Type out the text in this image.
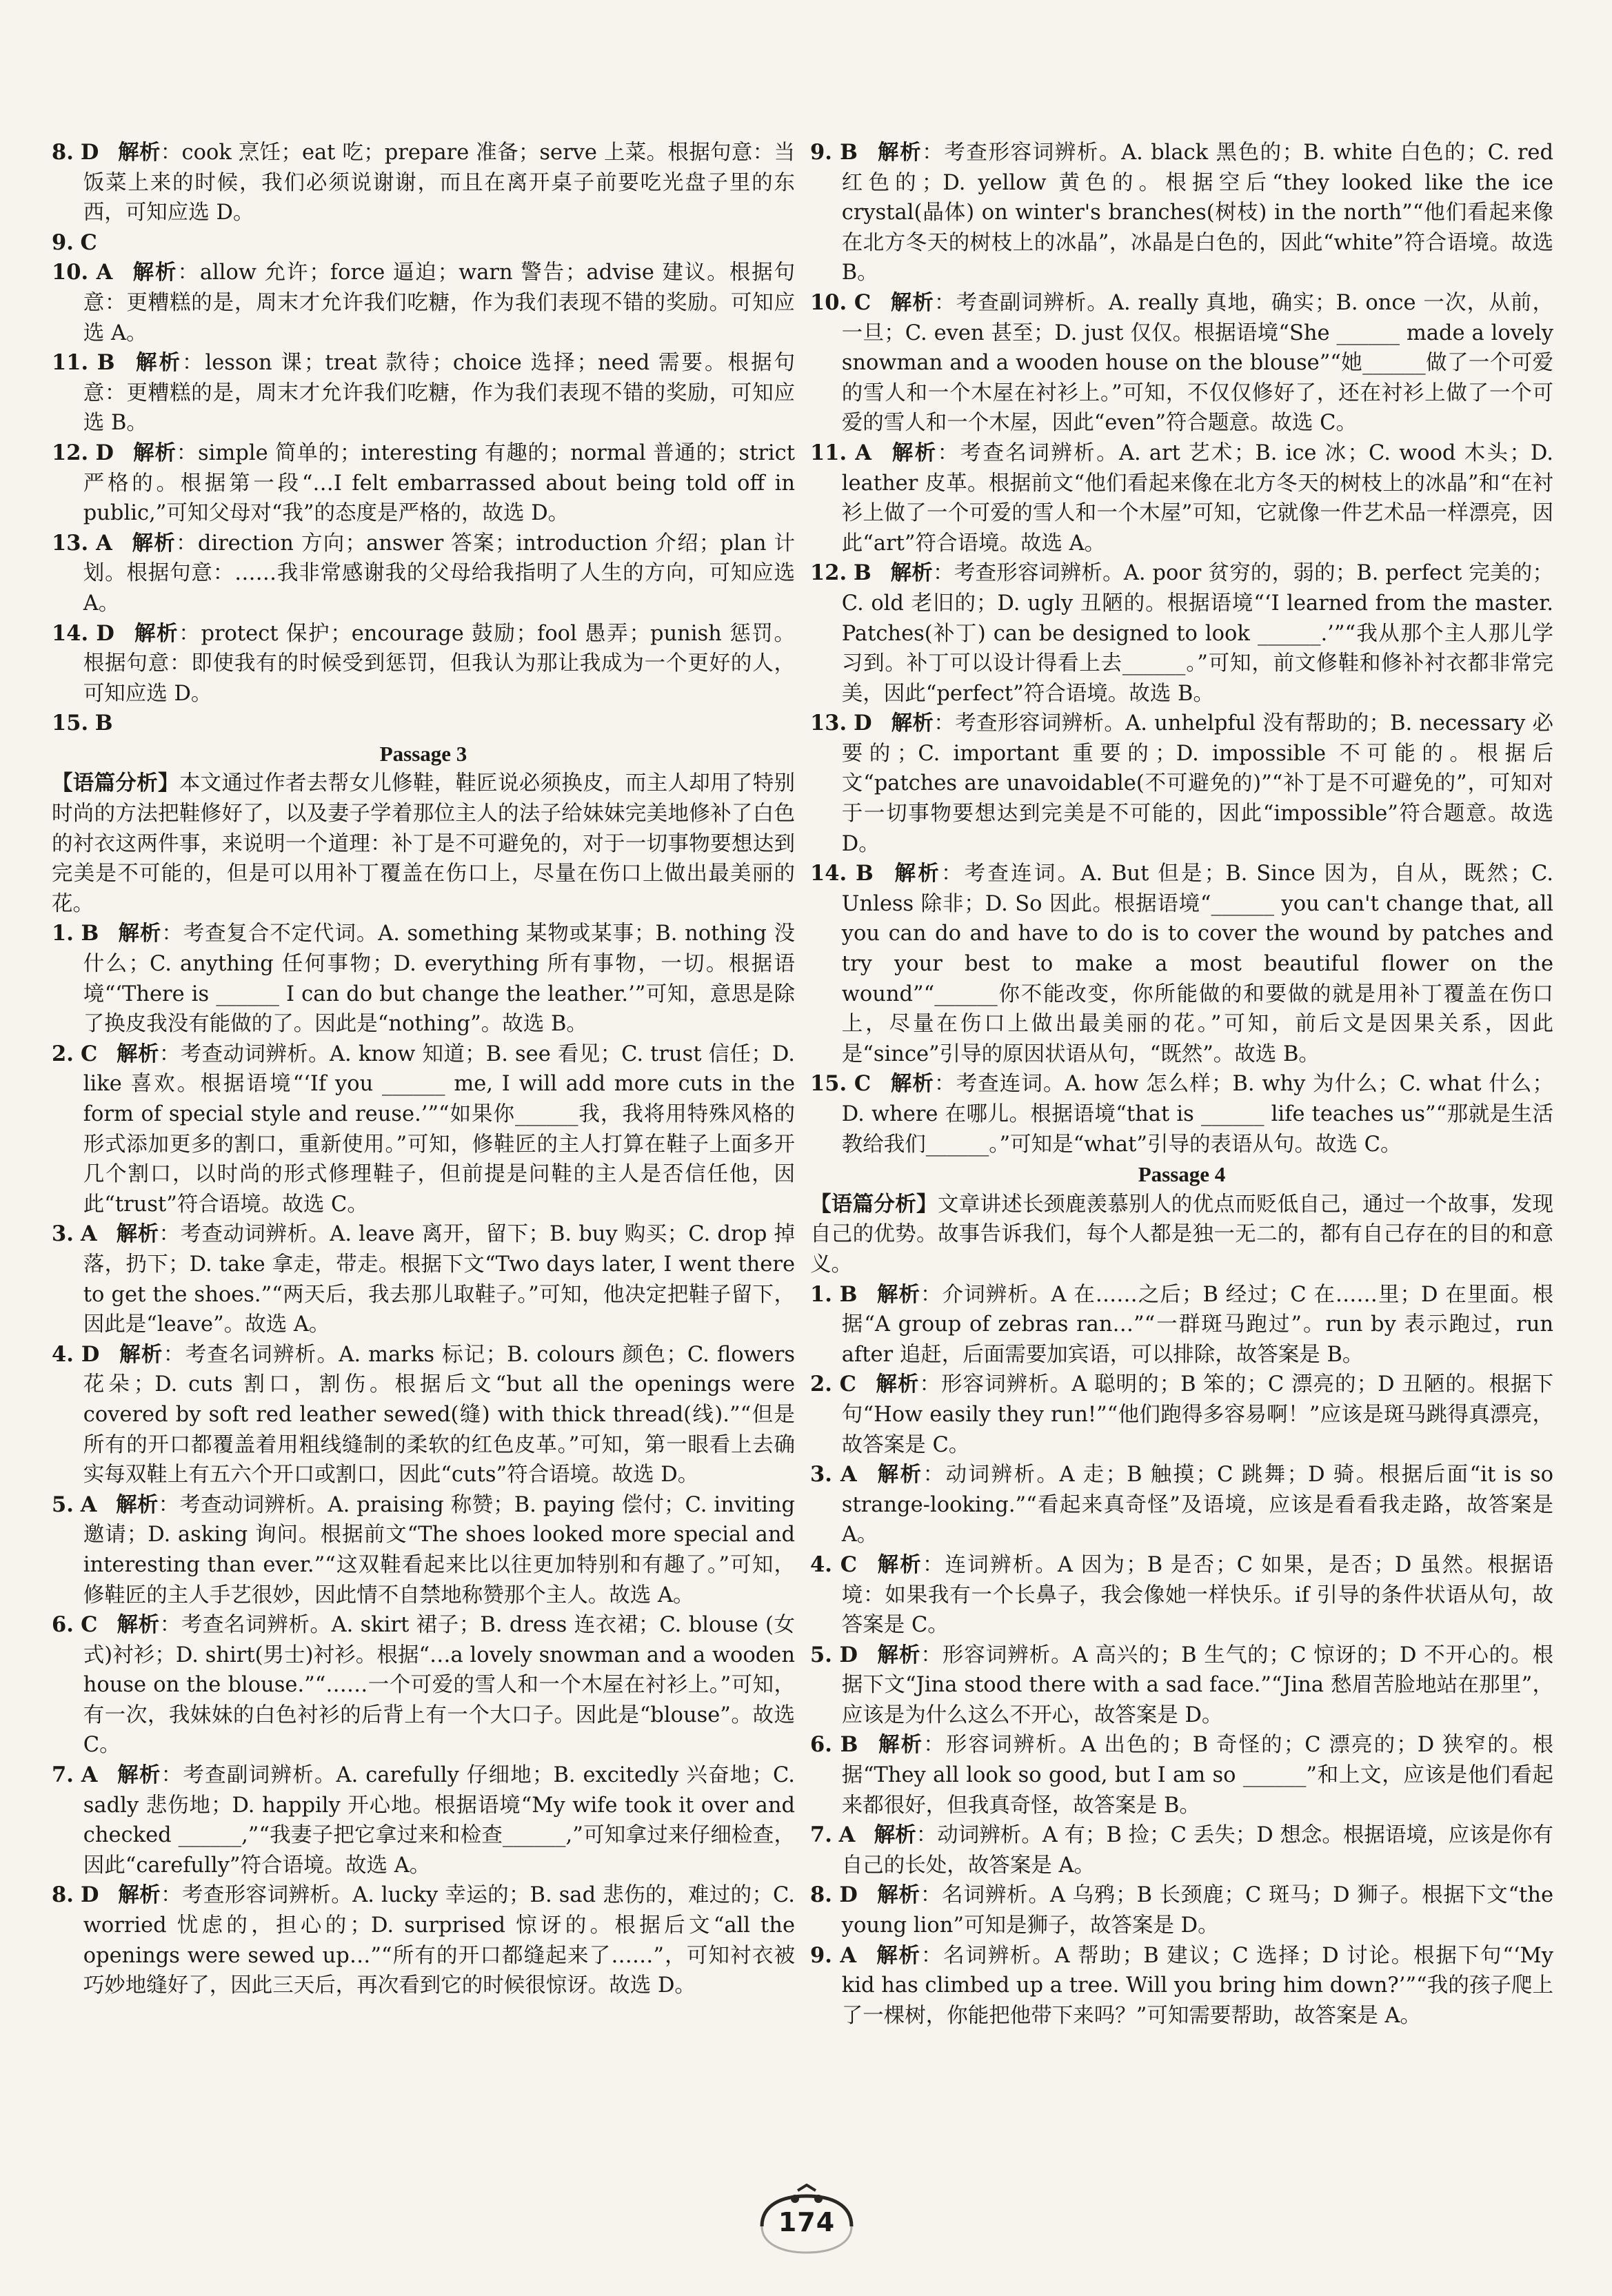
8. D 解析：cook 烹饪；eat 吃；prepare 准备；serve 上菜。根据句意：当饭菜上来的时候，我们必须说谢谢，而且在离开桌子前要吃光盘子里的东西，可知应选 D。

9. C

10. A 解析：allow 允许；force 逼迫；warn 警告；advise 建议。根据句意：更糟糕的是，周末才允许我们吃糖，作为我们表现不错的奖励。可知应选 A。

11. B 解析：lesson 课；treat 款待；choice 选择；need 需要。根据句意：更糟糕的是，周末才允许我们吃糖，作为我们表现不错的奖励，可知应选 B。

12. D 解析：simple 简单的；interesting 有趣的；normal 普通的；strict 严格的。根据第一段“…I felt embarrassed about being told off in public,”可知父母对“我”的态度是严格的，故选 D。

13. A 解析：direction 方向；answer 答案；introduction 介绍；plan 计划。根据句意：……我非常感谢我的父母给我指明了人生的方向，可知应选 A。

14. D 解析：protect 保护；encourage 鼓励；fool 愚弄；punish 惩罚。根据句意：即使我有的时候受到惩罚，但我认为那让我成为一个更好的人，可知应选 D。

15. B

Passage 3

【语篇分析】本文通过作者去帮女儿修鞋，鞋匠说必须换皮，而主人却用了特别时尚的方法把鞋修好了，以及妻子学着那位主人的法子给妹妹完美地修补了白色的衬衣这两件事，来说明一个道理：补丁是不可避免的，对于一切事物要想达到完美是不可能的，但是可以用补丁覆盖在伤口上，尽量在伤口上做出最美丽的花。

1. B 解析：考查复合不定代词。A. something 某物或某事；B. nothing 没什么；C. anything 任何事物；D. everything 所有事物，一切。根据语境“‘There is ______ I can do but change the leather.’”可知，意思是除了换皮我没有能做的了。因此是“nothing”。故选 B。

2. C 解析：考查动词辨析。A. know 知道；B. see 看见；C. trust 信任；D. like 喜欢。根据语境“‘If you ______ me, I will add more cuts in the form of special style and reuse.’”“如果你______我，我将用特殊风格的形式添加更多的割口，重新使用。”可知，修鞋匠的主人打算在鞋子上面多开几个割口，以时尚的形式修理鞋子，但前提是问鞋的主人是否信任他，因此“trust”符合语境。故选 C。

3. A 解析：考查动词辨析。A. leave 离开，留下；B. buy 购买；C. drop 掉落，扔下；D. take 拿走，带走。根据下文“Two days later, I went there to get the shoes.”“两天后，我去那儿取鞋子。”可知，他决定把鞋子留下，因此是“leave”。故选 A。

4. D 解析：考查名词辨析。A. marks 标记；B. colours 颜色；C. flowers 花朵；D. cuts 割口，割伤。根据后文“but all the openings were covered by soft red leather sewed(缝) with thick thread(线).”“但是所有的开口都覆盖着用粗线缝制的柔软的红色皮革。”可知，第一眼看上去确实每双鞋上有五六个开口或割口，因此“cuts”符合语境。故选 D。

5. A 解析：考查动词辨析。A. praising 称赞；B. paying 偿付；C. inviting 邀请；D. asking 询问。根据前文“The shoes looked more special and interesting than ever.”“这双鞋看起来比以往更加特别和有趣了。”可知，修鞋匠的主人手艺很妙，因此情不自禁地称赞那个主人。故选 A。

6. C 解析：考查名词辨析。A. skirt 裙子；B. dress 连衣裙；C. blouse (女式)衬衫；D. shirt(男士)衬衫。根据“…a lovely snowman and a wooden house on the blouse.”“……一个可爱的雪人和一个木屋在衬衫上。”可知，有一次，我妹妹的白色衬衫的后背上有一个大口子。因此是“blouse”。故选 C。

7. A 解析：考查副词辨析。A. carefully 仔细地；B. excitedly 兴奋地；C. sadly 悲伤地；D. happily 开心地。根据语境“My wife took it over and checked ______,”“我妻子把它拿过来和检查______,”可知拿过来仔细检查，因此“carefully”符合语境。故选 A。

8. D 解析：考查形容词辨析。A. lucky 幸运的；B. sad 悲伤的，难过的；C. worried 忧虑的，担心的；D. surprised 惊讶的。根据后文“all the openings were sewed up…”“所有的开口都缝起来了……”，可知衬衣被巧妙地缝好了，因此三天后，再次看到它的时候很惊讶。故选 D。

9. B 解析：考查形容词辨析。A. black 黑色的；B. white 白色的；C. red 红色的；D. yellow 黄色的。根据空后“they looked like the ice crystal(晶体) on winter's branches(树枝) in the north”“他们看起来像在北方冬天的树枝上的冰晶”，冰晶是白色的，因此“white”符合语境。故选 B。

10. C 解析：考查副词辨析。A. really 真地，确实；B. once 一次，从前，一旦；C. even 甚至；D. just 仅仅。根据语境“She ______ made a lovely snowman and a wooden house on the blouse”“她______做了一个可爱的雪人和一个木屋在衬衫上。”可知，不仅仅修好了，还在衬衫上做了一个可爱的雪人和一个木屋，因此“even”符合题意。故选 C。

11. A 解析：考查名词辨析。A. art 艺术；B. ice 冰；C. wood 木头；D. leather 皮革。根据前文“他们看起来像在北方冬天的树枝上的冰晶”和“在衬衫上做了一个可爱的雪人和一个木屋”可知，它就像一件艺术品一样漂亮，因此“art”符合语境。故选 A。

12. B 解析：考查形容词辨析。A. poor 贫穷的，弱的；B. perfect 完美的；C. old 老旧的；D. ugly 丑陋的。根据语境“‘I learned from the master. Patches(补丁) can be designed to look ______.’”“我从那个主人那儿学习到。补丁可以设计得看上去______。”可知，前文修鞋和修补衬衣都非常完美，因此“perfect”符合语境。故选 B。

13. D 解析：考查形容词辨析。A. unhelpful 没有帮助的；B. necessary 必要的；C. important 重要的；D. impossible 不可能的。根据后文“patches are unavoidable(不可避免的)”“补丁是不可避免的”，可知对于一切事物要想达到完美是不可能的，因此“impossible”符合题意。故选 D。

14. B 解析：考查连词。A. But 但是；B. Since 因为，自从，既然；C. Unless 除非；D. So 因此。根据语境“______ you can't change that, all you can do and have to do is to cover the wound by patches and try your best to make a most beautiful flower on the wound”“______你不能改变，你所能做的和要做的就是用补丁覆盖在伤口上，尽量在伤口上做出最美丽的花。”可知，前后文是因果关系，因此是“since”引导的原因状语从句，“既然”。故选 B。

15. C 解析：考查连词。A. how 怎么样；B. why 为什么；C. what 什么；D. where 在哪儿。根据语境“that is ______ life teaches us”“那就是生活教给我们______。”可知是“what”引导的表语从句。故选 C。

Passage 4

【语篇分析】文章讲述长颈鹿羡慕别人的优点而贬低自己，通过一个故事，发现自己的优势。故事告诉我们，每个人都是独一无二的，都有自己存在的目的和意义。

1. B 解析：介词辨析。A 在……之后；B 经过；C 在……里；D 在里面。根据“A group of zebras ran…”“一群斑马跑过”。run by 表示跑过，run after 追赶，后面需要加宾语，可以排除，故答案是 B。

2. C 解析：形容词辨析。A 聪明的；B 笨的；C 漂亮的；D 丑陋的。根据下句“How easily they run!”“他们跑得多容易啊！”应该是斑马跳得真漂亮，故答案是 C。

3. A 解析：动词辨析。A 走；B 触摸；C 跳舞；D 骑。根据后面“it is so strange-looking.”“看起来真奇怪”及语境，应该是看看我走路，故答案是 A。

4. C 解析：连词辨析。A 因为；B 是否；C 如果，是否；D 虽然。根据语境：如果我有一个长鼻子，我会像她一样快乐。if 引导的条件状语从句，故答案是 C。

5. D 解析：形容词辨析。A 高兴的；B 生气的；C 惊讶的；D 不开心的。根据下文“Jina stood there with a sad face.”“Jina 愁眉苦脸地站在那里”，应该是为什么这么不开心，故答案是 D。

6. B 解析：形容词辨析。A 出色的；B 奇怪的；C 漂亮的；D 狭窄的。根据“They all look so good, but I am so ______”和上文，应该是他们看起来都很好，但我真奇怪，故答案是 B。

7. A 解析：动词辨析。A 有；B 捡；C 丢失；D 想念。根据语境，应该是你有自己的长处，故答案是 A。

8. D 解析：名词辨析。A 乌鸦；B 长颈鹿；C 斑马；D 狮子。根据下文“the young lion”可知是狮子，故答案是 D。

9. A 解析：名词辨析。A 帮助；B 建议；C 选择；D 讨论。根据下句“‘My kid has climbed up a tree. Will you bring him down?’”“我的孩子爬上了一棵树，你能把他带下来吗？”可知需要帮助，故答案是 A。

174
